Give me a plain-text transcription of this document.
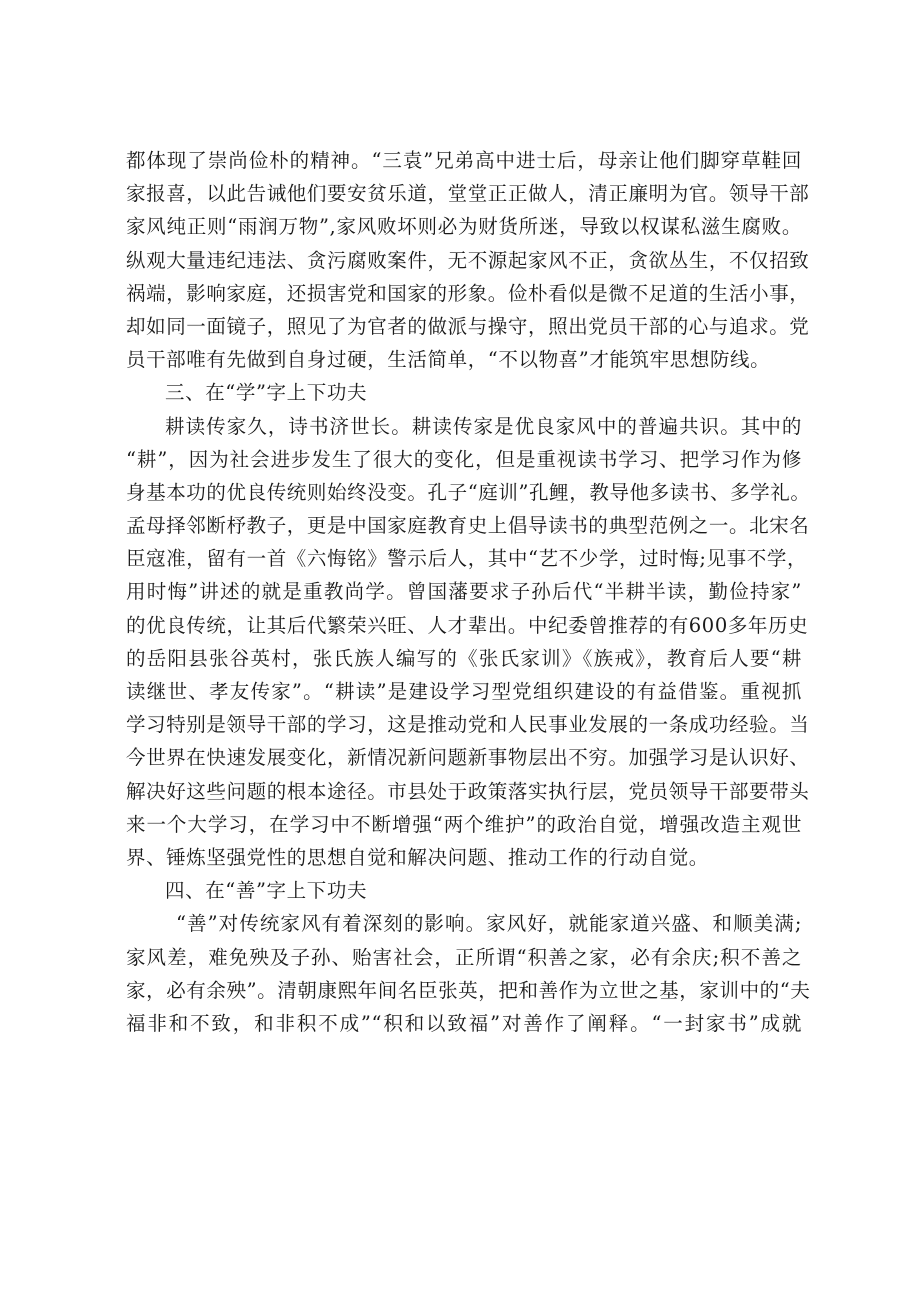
都体现了崇尚俭朴的精神。“三袁”兄弟高中进士后，母亲让他们脚穿草鞋回
家报喜，以此告诫他们要安贫乐道，堂堂正正做人，清正廉明为官。领导干部
家风纯正则“雨润万物”,家风败坏则必为财货所迷，导致以权谋私滋生腐败。
纵观大量违纪违法、贪污腐败案件，无不源起家风不正，贪欲丛生，不仅招致
祸端，影响家庭，还损害党和国家的形象。俭朴看似是微不足道的生活小事，
却如同一面镜子，照见了为官者的做派与操守，照出党员干部的心与追求。党
员干部唯有先做到自身过硬，生活简单，“不以物喜”才能筑牢思想防线。
三、在“学”字上下功夫
耕读传家久，诗书济世长。耕读传家是优良家风中的普遍共识。其中的
“耕”，因为社会进步发生了很大的变化，但是重视读书学习、把学习作为修
身基本功的优良传统则始终没变。孔子“庭训”孔鲤，教导他多读书、多学礼。
孟母择邻断杼教子，更是中国家庭教育史上倡导读书的典型范例之一。北宋名
臣寇准，留有一首《六悔铭》警示后人，其中“艺不少学，过时悔;见事不学，
用时悔”讲述的就是重教尚学。曾国藩要求子孙后代“半耕半读，勤俭持家”
的优良传统，让其后代繁荣兴旺、人才辈出。中纪委曾推荐的有600多年历史
的岳阳县张谷英村，张氏族人编写的《张氏家训》《族戒》，教育后人要“耕
读继世、孝友传家”。“耕读”是建设学习型党组织建设的有益借鉴。重视抓
学习特别是领导干部的学习，这是推动党和人民事业发展的一条成功经验。当
今世界在快速发展变化，新情况新问题新事物层出不穷。加强学习是认识好、
解决好这些问题的根本途径。市县处于政策落实执行层，党员领导干部要带头
来一个大学习，在学习中不断增强“两个维护”的政治自觉，增强改造主观世
界、锤炼坚强党性的思想自觉和解决问题、推动工作的行动自觉。
四、在“善”字上下功夫
“善”对传统家风有着深刻的影响。家风好，就能家道兴盛、和顺美满;
家风差，难免殃及子孙、贻害社会，正所谓“积善之家，必有余庆;积不善之
家，必有余殃”。清朝康熙年间名臣张英，把和善作为立世之基，家训中的“夫
福非和不致，和非积不成”“积和以致福”对善作了阐释。“一封家书”成就
